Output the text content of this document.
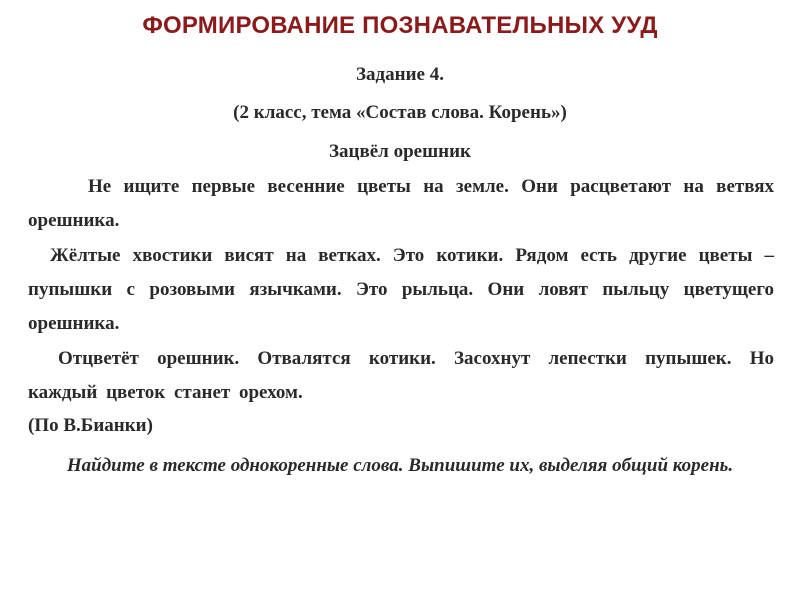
ФОРМИРОВАНИЕ ПОЗНАВАТЕЛЬНЫХ УУД
Задание 4.
(2 класс, тема «Состав слова. Корень»)
Зацвёл орешник
Не ищите первые весенние цветы на земле. Они расцветают на ветвях орешника.
Жёлтые хвостики висят на ветках. Это котики. Рядом есть другие цветы – пупышки с розовыми язычками. Это рыльца. Они ловят пыльцу цветущего орешника.
Отцветёт орешник. Отвалятся котики. Засохнут лепестки пупышек. Но каждый цветок станет орехом.
(По В.Бианки)
Найдите в тексте однокоренные слова. Выпишите их, выделяя общий корень.
